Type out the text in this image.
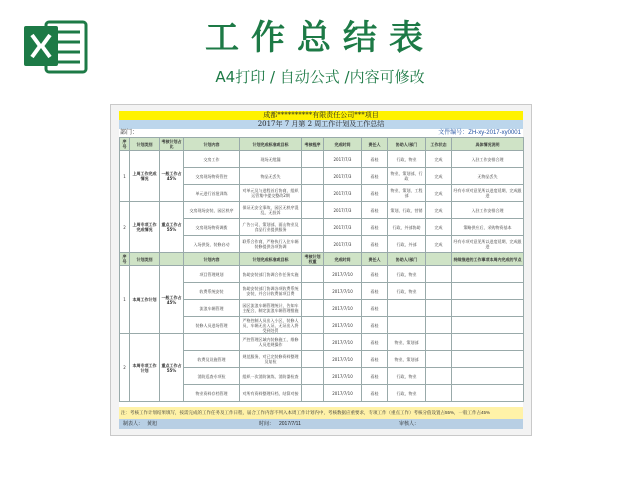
工作总结表
A4打印 / 自动公式 /内容可修改
成都**********有限责任公司***项目
2017年 7 月第 2 周工作计划及工作总结
部门：	文件编号：ZH-xy-2017-xy0001
序号	计划类别	考核计划占比	计划内容	计划完成标准或目标	考核程序	完成时间	责任人	协助人/部门	工作状态	具体情况说明
1	上周工作完成情况	一般工作占 45%	交房工作	现场无纰漏		2017/7/3	看桂	行政，物业	完成	入驻工作安排合理
			交房现场物资管控	物品无丢失		2017/7/3	看桂	物业，策划部，行政	完成	无物品丢失
			单元进行首批训练	对单元及与进程首后协商，组织运管集中提交整改2期		2017/7/3	看桂	物业，策划，工程部	完成	经有专项对意见所以进度延期，完成跟进
2	上周专项工作完成情况	重点工作占 55%	交房现场安装、园区秩序	保证无安全事故，园区无秩序混乱，无投诉		2017/7/3	看桂	策划，行政，营销	完成	入驻工作安排合理
			交房现场物资调拨	广告公司，策划部，面山物业及食品行业提供服务		2017/7/3	看桂	行政，外部协助	完成	策略供应后，采购物资基本
			入场供货，装修启动	联系合作商，严格执行入住车辆装修提供各项协调		2017/7/3	看桂	行政，外部	完成	经有专项对意见所以进度延期，完成跟进
序号	计划类别		计划内容	计划完成标准或目标	考核计划权重	完成时间	责任人	协助人/部门		持续推进的工作事项本周内完成的节点
1	本周工作计划	一般工作占 45%	项目管理规划	协助安装部门协调合作任务实施		2017/7/10	看桂	行政，物业		
			收费系统安装	协助安装部门协调各项收费系统安装，并合计收费前项目费		2017/7/10	看桂	行政，物业		
			流浪车辆管理	园区流浪车辆管理统计，告知车主配合，制定流浪车辆管理措施		2017/7/10	看桂			
			装修人员进场管理	严格控制人员出入小区，装修人员，车辆无出入证，无证出入将受到处罚		2017/7/10	看桂			
2	本周专项工作计划	重点工作占 55%		严控管理区域内装修施工，维修人员违规操作		2017/7/10	看桂	物业，策划部		
			收费及设施管理	规范服务，对已完装修资料整理及复检		2017/7/10	看桂	物业，策划部		
			消防巡查专项检	组织一次消防演练，消防器检查		2017/7/10	看桂	行政，物业		
			物业资料存档管理	对所有资料整理归档，结算对接		2017/7/10	看桂	行政，物业		
注：考核工作计划结果填写，按需完成的工作任务及工作日程，届合工作内容不列入本周工作计划内中，考核数据应重要求，专项工作（重点工作）考核分值设置占55%，一般工作占45%
制表人： 黄旭	时间： 2017/7/11	审核人：
